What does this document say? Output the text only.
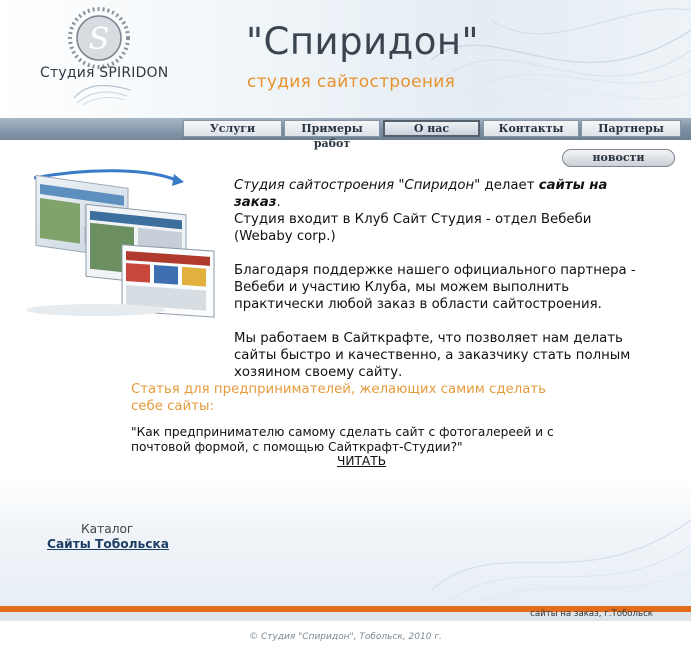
S
Студия SPIRIDON
"Спиридон"
студия сайтостроения
Услуги	Примеры работ
О нас	Контакты	Партнеры
новости

Студия сайтостроения "Спиридон" делает сайты на заказ.
Студия входит в Клуб Сайт Студия - отдел Вебеби (Webaby corp.)

Благодаря поддержке нашего официального партнера - Вебеби и участию Клуба, мы можем выполнить практически любой заказ в области сайтостроения.

Мы работаем в Сайткрафте, что позволяет нам делать сайты быстро и качественно, а заказчику стать полным хозяином своему сайту.

Статья для предпринимателей, желающих самим сделать себе сайты:
"Как предпринимателю самому сделать сайт с фотогалереей и с почтовой формой, с помощью Сайткрафт-Студии?"
ЧИТАТЬ
Каталог
Сайты Тобольска
сайты на заказ, г.Тобольск
© Студия "Спиридон", Тобольск, 2010 г.
